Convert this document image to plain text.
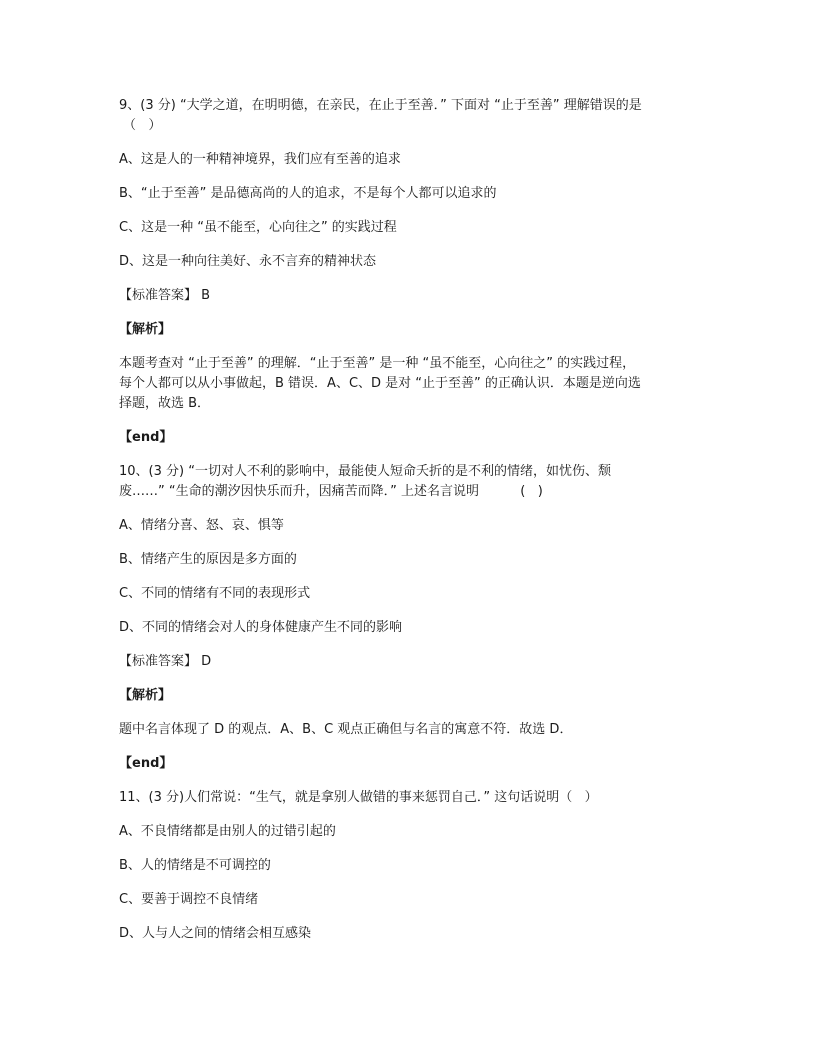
9、(3 分) “大学之道，在明明德，在亲民，在止于至善．” 下面对 “止于至善” 理解错误的是

（   ）

A、这是人的一种精神境界，我们应有至善的追求

B、“止于至善” 是品德高尚的人的追求，不是每个人都可以追求的

C、这是一种 “虽不能至，心向往之” 的实践过程

D、这是一种向往美好、永不言弃的精神状态

【标准答案】 B

【解析】

本题考查对 “止于至善” 的理解．“止于至善” 是一种 “虽不能至，心向往之” 的实践过程，

每个人都可以从小事做起，B 错误．A、C、D 是对 “止于至善” 的正确认识．本题是逆向选

择题，故选 B．

【end】

10、(3 分) “一切对人不利的影响中，最能使人短命夭折的是不利的情绪，如忧伤、颓

废……” “生命的潮汐因快乐而升，因痛苦而降．” 上述名言说明          (   )

A、情绪分喜、怒、哀、惧等

B、情绪产生的原因是多方面的

C、不同的情绪有不同的表现形式

D、不同的情绪会对人的身体健康产生不同的影响

【标准答案】 D

【解析】

题中名言体现了 D 的观点．A、B、C 观点正确但与名言的寓意不符．故选 D．

【end】

11、(3 分)人们常说：“生气，就是拿别人做错的事来惩罚自己．” 这句话说明（   ）

A、不良情绪都是由别人的过错引起的

B、人的情绪是不可调控的

C、要善于调控不良情绪

D、人与人之间的情绪会相互感染
